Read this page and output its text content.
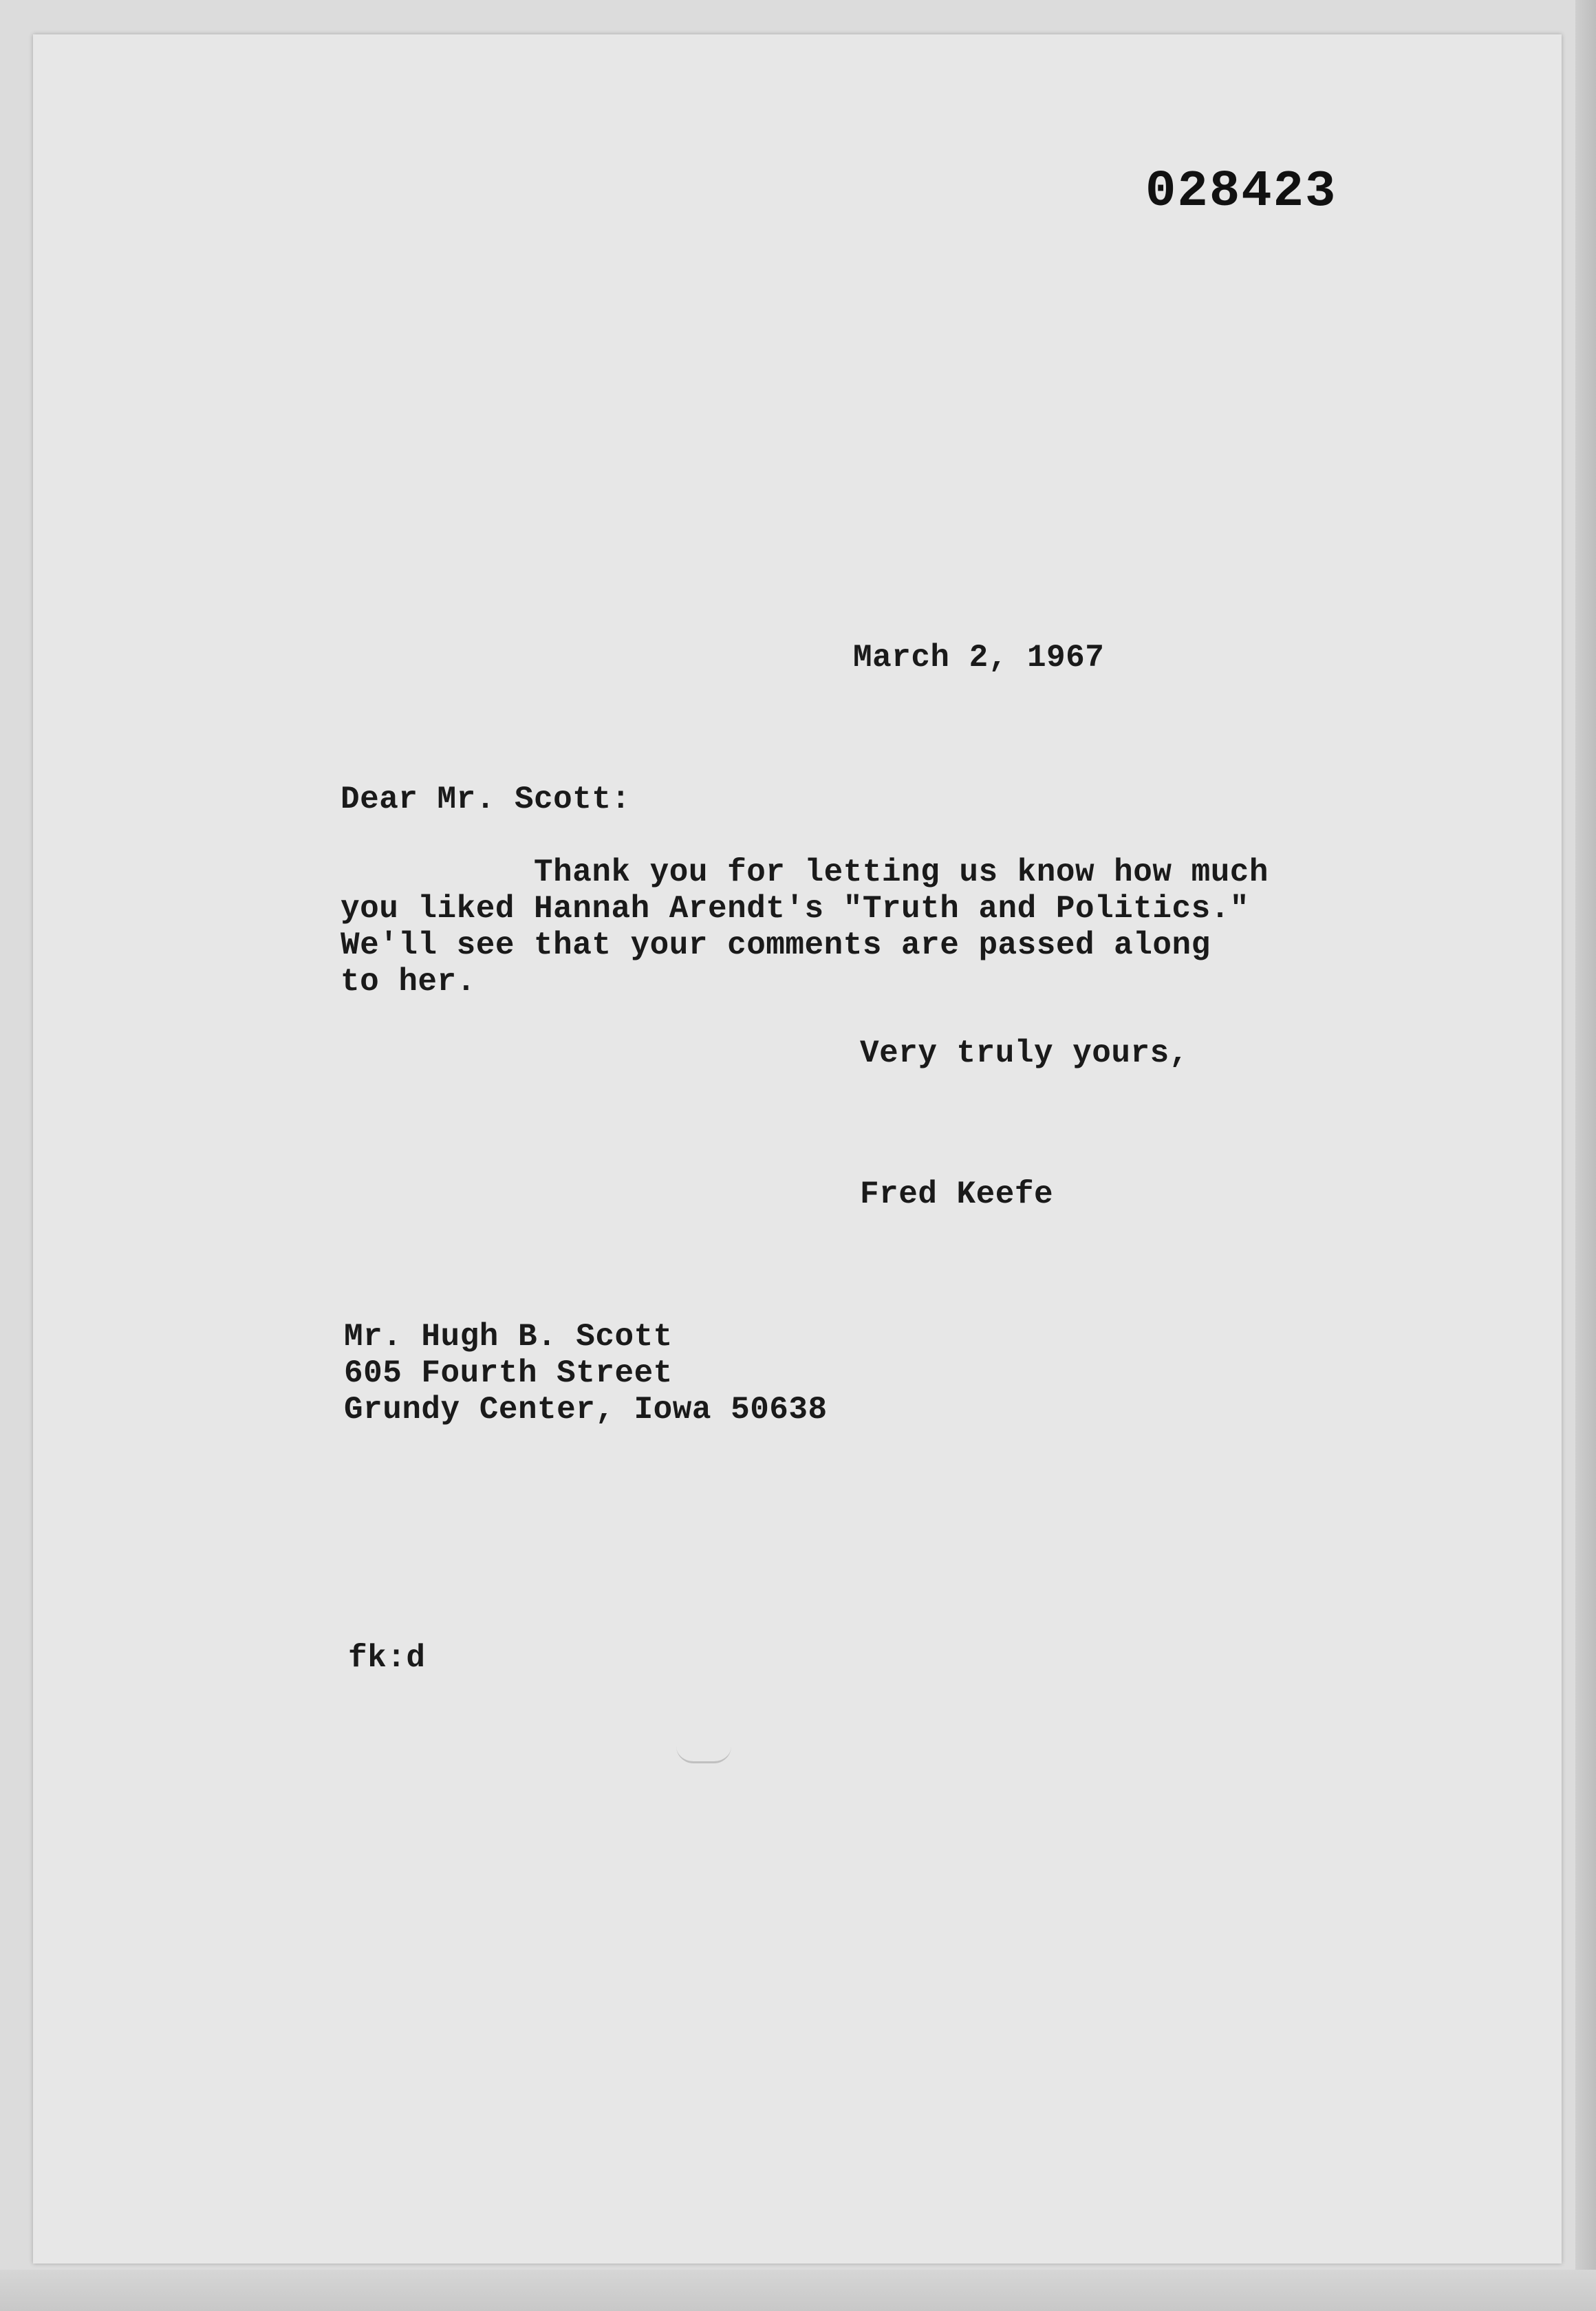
028423
March 2, 1967
Dear Mr. Scott:
Thank you for letting us know how much
you liked Hannah Arendt's "Truth and Politics."
We'll see that your comments are passed along
to her.
Very truly yours,
Fred Keefe
Mr. Hugh B. Scott
605 Fourth Street
Grundy Center, Iowa 50638
fk:d
